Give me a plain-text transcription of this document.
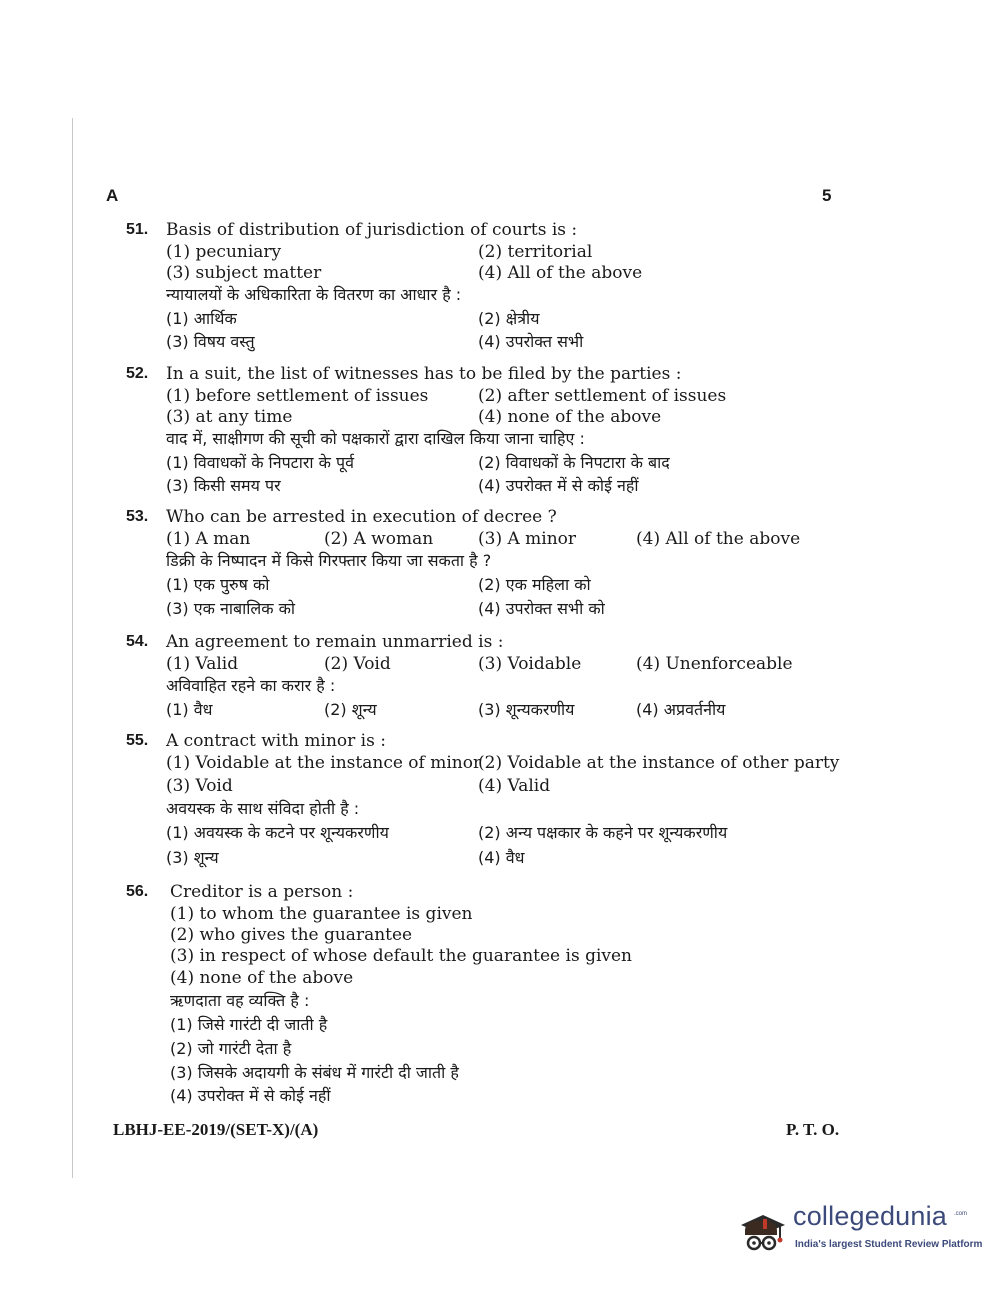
A	5
51. Basis of distribution of jurisdiction of courts is :
(1) pecuniary	(2) territorial
(3) subject matter	(4) All of the above
न्यायालयों के अधिकारिता के वितरण का आधार है :
(1) आर्थिक	(2) क्षेत्रीय
(3) विषय वस्तु	(4) उपरोक्त सभी
52. In a suit, the list of witnesses has to be filed by the parties :
(1) before settlement of issues	(2) after settlement of issues
(3) at any time	(4) none of the above
वाद में, साक्षीगण की सूची को पक्षकारों द्वारा दाखिल किया जाना चाहिए :
(1) विवाधकों के निपटारा के पूर्व	(2) विवाधकों के निपटारा के बाद
(3) किसी समय पर	(4) उपरोक्त में से कोई नहीं
53. Who can be arrested in execution of decree ?
(1) A man	(2) A woman	(3) A minor	(4) All of the above
डिक्री के निष्पादन में किसे गिरफ्तार किया जा सकता है ?
(1) एक पुरुष को	(2) एक महिला को
(3) एक नाबालिक को	(4) उपरोक्त सभी को
54. An agreement to remain unmarried is :
(1) Valid	(2) Void	(3) Voidable	(4) Unenforceable
अविवाहित रहने का करार है :
(1) वैध	(2) शून्य	(3) शून्यकरणीय	(4) अप्रवर्तनीय
55. A contract with minor is :
(1) Voidable at the instance of minor
(2) Voidable at the instance of other party
(3) Void	(4) Valid
अवयस्क के साथ संविदा होती है :
(1) अवयस्क के कटने पर शून्यकरणीय	(2) अन्य पक्षकार के कहने पर शून्यकरणीय
(3) शून्य	(4) वैध
56. Creditor is a person :
(1) to whom the guarantee is given
(2) who gives the guarantee
(3) in respect of whose default the guarantee is given
(4) none of the above
ऋणदाता वह व्यक्ति है :
(1) जिसे गारंटी दी जाती है
(2) जो गारंटी देता है
(3) जिसके अदायगी के संबंध में गारंटी दी जाती है
(4) उपरोक्त में से कोई नहीं
LBHJ-EE-2019/(SET-X)/(A)	P. T. O.
collegedunia .com
India's largest Student Review Platform
